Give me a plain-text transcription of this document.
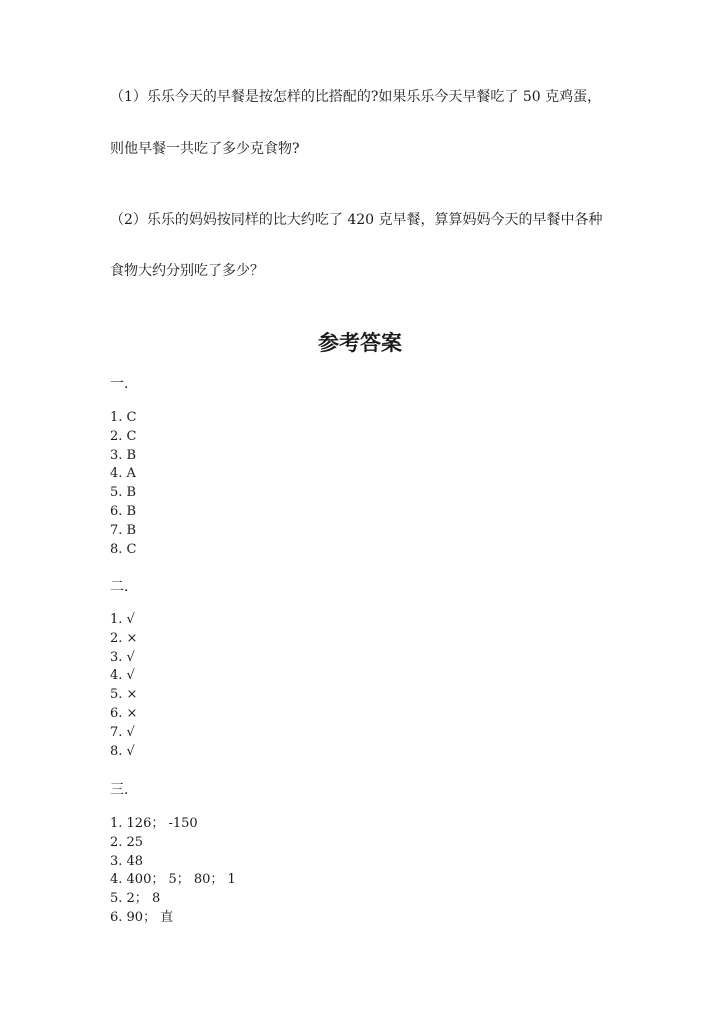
（1）乐乐今天的早餐是按怎样的比搭配的?如果乐乐今天早餐吃了 50 克鸡蛋，
则他早餐一共吃了多少克食物?
（2）乐乐的妈妈按同样的比大约吃了 420 克早餐，算算妈妈今天的早餐中各种
食物大约分别吃了多少？
参考答案
一.
1. C
2. C
3. B
4. A
5. B
6. B
7. B
8. C
二.
1. √
2. ×
3. √
4. √
5. ×
6. ×
7. √
8. √
三.
1. 126； -150
2. 25
3. 48
4. 400； 5； 80； 1
5. 2； 8
6. 90； 直
